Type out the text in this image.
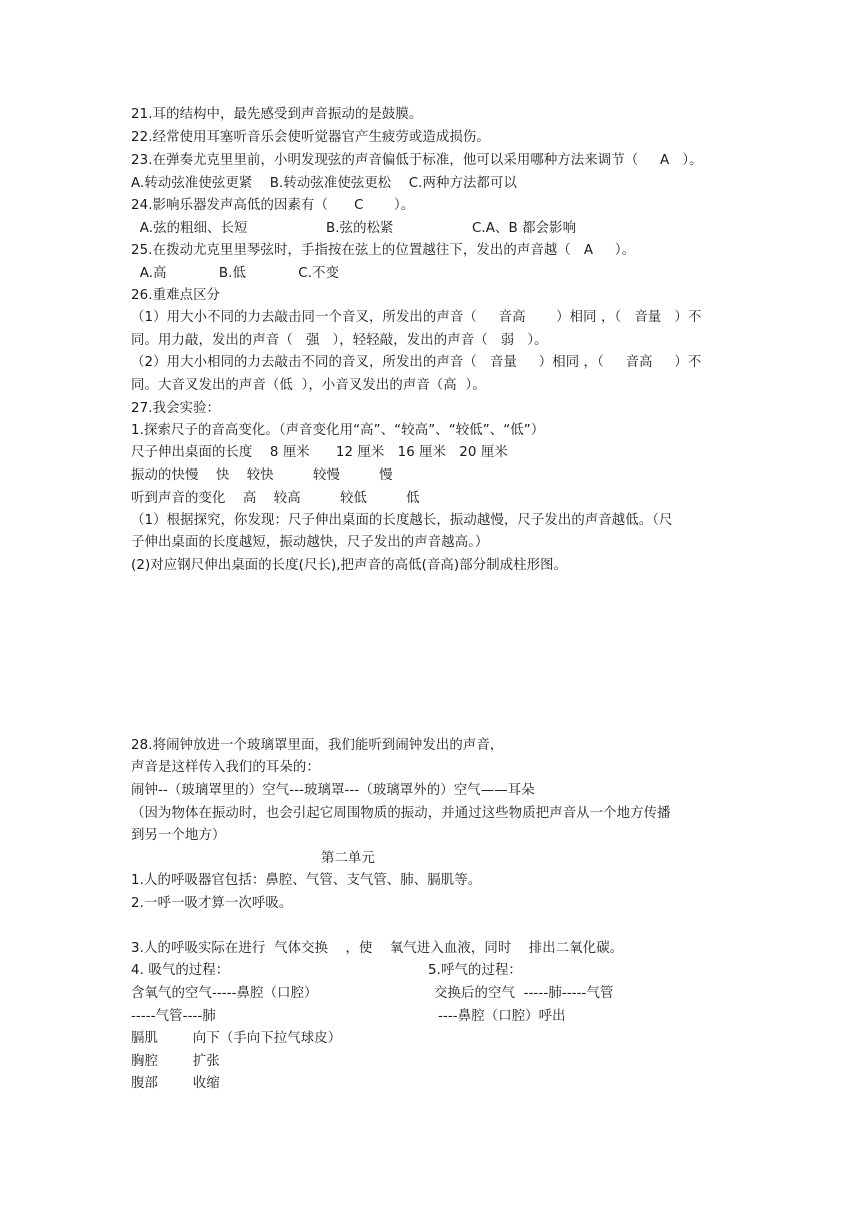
21.耳的结构中，最先感受到声音振动的是鼓膜。
22.经常使用耳塞听音乐会使听觉器官产生疲劳或造成损伤。
23.在弹奏尤克里里前，小明发现弦的声音偏低于标准，他可以采用哪种方法来调节（     A   ）。
A.转动弦准使弦更紧    B.转动弦准使弦更松    C.两种方法都可以
24.影响乐器发声高低的因素有（      C       ）。
A.弦的粗细、长短                  B.弦的松紧                  C.A、B 都会影响
25.在拨动尤克里里琴弦时，手指按在弦上的位置越往下，发出的声音越（   A     ）。
A.高            B.低            C.不变
26.重难点区分
（1）用大小不同的力去敲击同一个音叉，所发出的声音（     音高       ）相同 ，（   音量   ）不
同。用力敲，发出的声音（   强   ），轻轻敲，发出的声音（   弱   ）。
（2）用大小相同的力去敲击不同的音叉，所发出的声音（   音量     ）相同 ，（     音高     ）不
同。大音叉发出的声音（低  ），小音叉发出的声音（高  ）。
27.我会实验：
1.探索尺子的音高变化。（声音变化用“高”、“较高”、“较低”、“低”）
尺子伸出桌面的长度    8 厘米      12 厘米   16 厘米   20 厘米
振动的快慢    快    较快         较慢         慢
听到声音的变化    高    较高         较低         低
（1）根据探究，你发现：尺子伸出桌面的长度越长，振动越慢，尺子发出的声音越低。（尺
子伸出桌面的长度越短，振动越快，尺子发出的声音越高。）
(2)对应钢尺伸出桌面的长度(尺长),把声音的高低(音高)部分制成柱形图。
28.将闹钟放进一个玻璃罩里面，我们能听到闹钟发出的声音，
声音是这样传入我们的耳朵的：
闹钟--（玻璃罩里的）空气---玻璃罩---（玻璃罩外的）空气——耳朵
（因为物体在振动时，也会引起它周围物质的振动，并通过这些物质把声音从一个地方传播
到另一个地方）
第二单元
1.人的呼吸器官包括：鼻腔、气管、支气管、肺、膈肌等。
2.一呼一吸才算一次呼吸。
3.人的呼吸实际在进行  气体交换    ，使    氧气进入血液，同时    排出二氧化碳。
4. 吸气的过程：	5.呼气的过程：
含氧气的空气-----鼻腔（口腔）	交换后的空气  -----肺-----气管
-----气管----肺	----鼻腔（口腔）呼出
膈肌        向下（手向下拉气球皮）
胸腔        扩张
腹部        收缩
